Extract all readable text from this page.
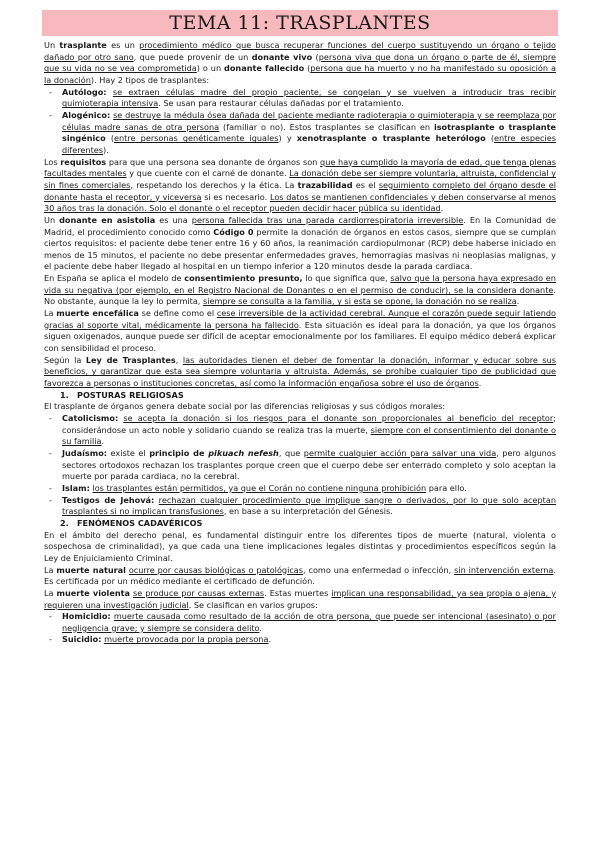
TEMA 11: TRASPLANTES

Un trasplante es un procedimiento médico que busca recuperar funciones del cuerpo sustituyendo un órgano o tejido dañado por otro sano, que puede provenir de un donante vivo (persona viva que dona un órgano o parte de él, siempre que su vida no se vea comprometida) o un donante fallecido (persona que ha muerto y no ha manifestado su oposición a la donación). Hay 2 tipos de trasplantes:

- Autólogo: se extraen células madre del propio paciente, se congelan y se vuelven a introducir tras recibir quimioterapia intensiva. Se usan para restaurar células dañadas por el tratamiento.
- Alogénico: se destruye la médula ósea dañada del paciente mediante radioterapia o quimioterapia y se reemplaza por células madre sanas de otra persona (familiar o no). Estos trasplantes se clasifican en isotrasplante o trasplante singénico (entre personas genéticamente iguales) y xenotrasplante o trasplante heterólogo (entre especies diferentes).

Los requisitos para que una persona sea donante de órganos son que haya cumplido la mayoría de edad, que tenga plenas facultades mentales y que cuente con el carné de donante. La donación debe ser siempre voluntaria, altruista, confidencial y sin fines comerciales, respetando los derechos y la ética. La trazabilidad es el seguimiento completo del órgano desde el donante hasta el receptor, y viceversa si es necesario. Los datos se mantienen confidenciales y deben conservarse al menos 30 años tras la donación. Solo el donante o el receptor pueden decidir hacer pública su identidad.

Un donante en asistolia es una persona fallecida tras una parada cardiorrespiratoria irreversible. En la Comunidad de Madrid, el procedimiento conocido como Código 0 permite la donación de órganos en estos casos, siempre que se cumplan ciertos requisitos: el paciente debe tener entre 16 y 60 años, la reanimación cardiopulmonar (RCP) debe haberse iniciado en menos de 15 minutos, el paciente no debe presentar enfermedades graves, hemorragias masivas ni neoplasias malignas, y el paciente debe haber llegado al hospital en un tiempo inferior a 120 minutos desde la parada cardiaca.

En España se aplica el modelo de consentimiento presunto, lo que significa que, salvo que la persona haya expresado en vida su negativa (por ejemplo, en el Registro Nacional de Donantes o en el permiso de conducir), se la considera donante. No obstante, aunque la ley lo permita, siempre se consulta a la familia, y si esta se opone, la donación no se realiza.

La muerte encefálica se define como el cese irreversible de la actividad cerebral. Aunque el corazón puede seguir latiendo gracias al soporte vital, médicamente la persona ha fallecido. Esta situación es ideal para la donación, ya que los órganos siguen oxigenados, aunque puede ser difícil de aceptar emocionalmente por los familiares. El equipo médico deberá explicar con sensibilidad el proceso.

Según la Ley de Trasplantes, las autoridades tienen el deber de fomentar la donación, informar y educar sobre sus beneficios, y garantizar que esta sea siempre voluntaria y altruista. Además, se prohíbe cualquier tipo de publicidad que favorezca a personas o instituciones concretas, así como la información engañosa sobre el uso de órganos.

1. POSTURAS RELIGIOSAS

El trasplante de órganos genera debate social por las diferencias religiosas y sus códigos morales:

- Catolicismo: se acepta la donación si los riesgos para el donante son proporcionales al beneficio del receptor; considerándose un acto noble y solidario cuando se realiza tras la muerte, siempre con el consentimiento del donante o su familia.
- Judaísmo: existe el principio de pikuach nefesh, que permite cualquier acción para salvar una vida, pero algunos sectores ortodoxos rechazan los trasplantes porque creen que el cuerpo debe ser enterrado completo y solo aceptan la muerte por parada cardiaca, no la cerebral.
- Islam: los trasplantes están permitidos, ya que el Corán no contiene ninguna prohibición para ello.
- Testigos de Jehová: rechazan cualquier procedimiento que implique sangre o derivados, por lo que solo aceptan trasplantes si no implican transfusiones, en base a su interpretación del Génesis.

2. FENÓMENOS CADAVÉRICOS

En el ámbito del derecho penal, es fundamental distinguir entre los diferentes tipos de muerte (natural, violenta o sospechosa de criminalidad), ya que cada una tiene implicaciones legales distintas y procedimientos específicos según la Ley de Enjuiciamiento Criminal.

La muerte natural ocurre por causas biológicas o patológicas, como una enfermedad o infección, sin intervención externa. Es certificada por un médico mediante el certificado de defunción.

La muerte violenta se produce por causas externas. Estas muertes implican una responsabilidad, ya sea propia o ajena, y requieren una investigación judicial. Se clasifican en varios grupos:

- Homicidio: muerte causada como resultado de la acción de otra persona, que puede ser intencional (asesinato) o por negligencia grave; y siempre se considera delito.
- Suicidio: muerte provocada por la propia persona.
